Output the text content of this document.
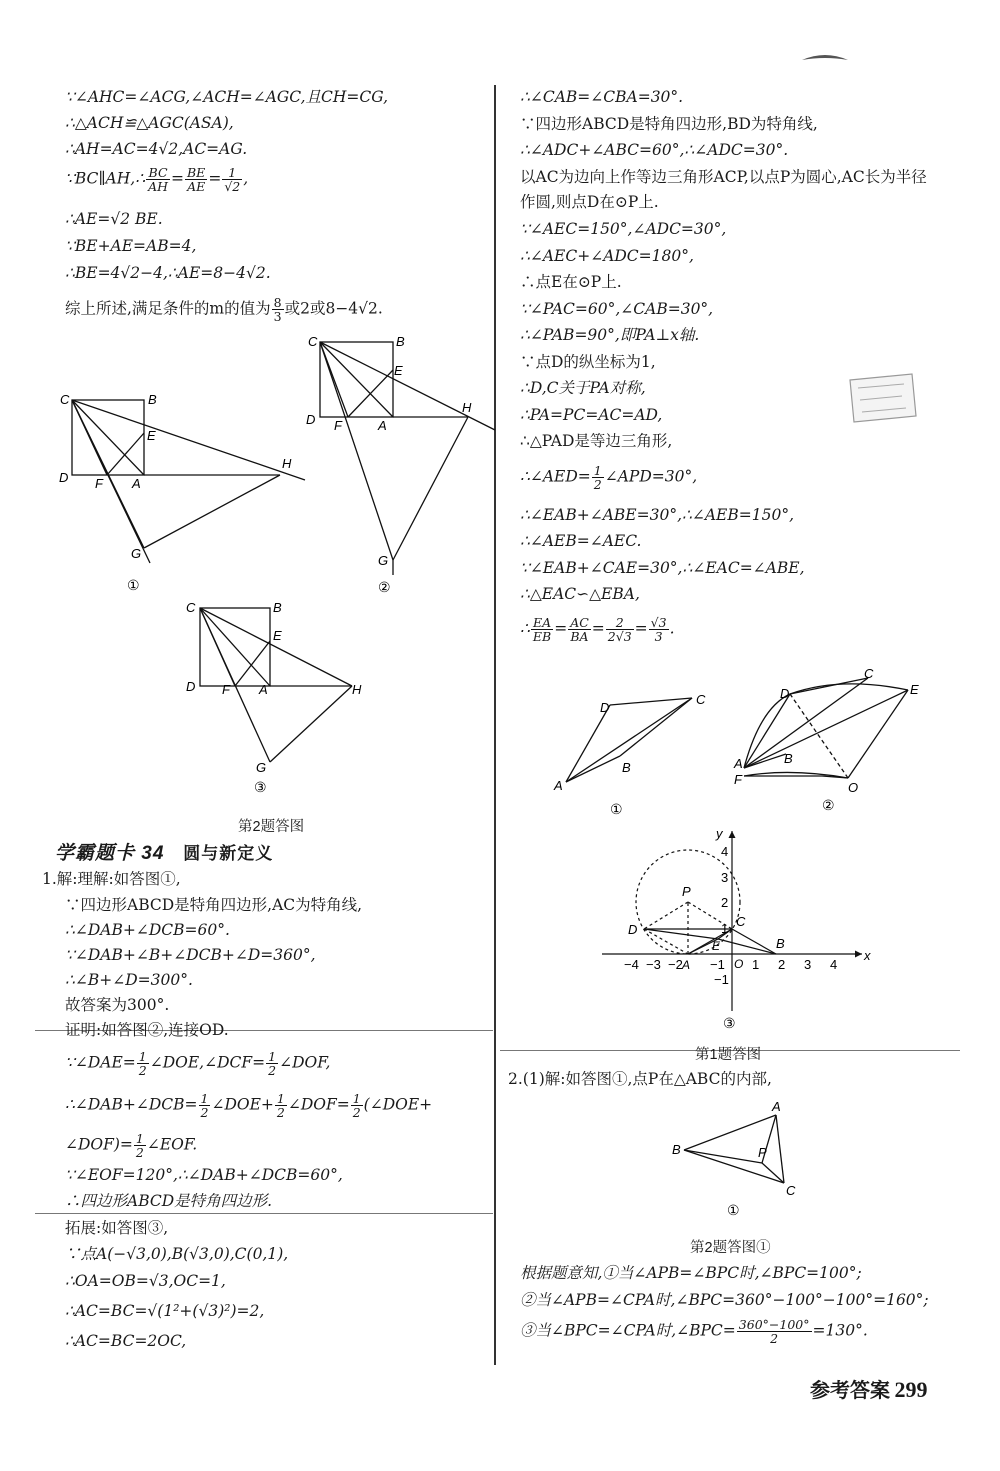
∵∠AHC=∠ACG,∠ACH=∠AGC,且CH=CG,
∴△ACH≌△AGC(ASA),
∴AH=AC=4√2,AC=AG.
∵BC∥AH,∴ $\frac{BC}{AH} = \frac{BE}{AE} = \frac{1}{√2}$ ,
∴AE=√2 BE.
∵BE+AE=AB=4,
∴BE=4√2−4,∴AE=8−4√2.
综上所述,满足条件的m的值为 $\frac{8}{3}$ 或2或8−4√2.
C	B
E
D F A
H
G
①
C	B
E
D F	A
H
G
②
C	B
E
D F A	H
G
③
第2题答图
学霸题卡 34 圆与新定义
1.解:理解:如答图①,
∵四边形ABCD是特角四边形,AC为特角线,
∴∠DAB+∠DCB=60°.
∵∠DAB+∠B+∠DCB+∠D=360°,
∴∠B+∠D=300°.
故答案为300°.
证明:如答图②,连接OD.
∵∠DAE= $\frac{1}{2}$ ∠DOE,∠DCF= $\frac{1}{2}$ ∠DOF,
∴∠DAB+∠DCB= $\frac{1}{2}$ ∠DOE+ $\frac{1}{2}$ ∠DOF= $\frac{1}{2}$ (∠DOE+
∠DOF)= $\frac{1}{2}$ ∠EOF.
∵∠EOF=120°,∴∠DAB+∠DCB=60°,
∴四边形ABCD是特角四边形.
拓展:如答图③,
∵点A(−√3,0),B(√3,0),C(0,1),
∴OA=OB=√3,OC=1,
∴AC=BC=√(1²+(√3)²)=2,
∴AC=BC=2OC,
∴∠CAB=∠CBA=30°.
∵四边形ABCD是特角四边形,BD为特角线,
∴∠ADC+∠ABC=60°,∴∠ADC=30°.
以AC为边向上作等边三角形ACP,以点P为圆心,AC长为半径
作圆,则点D在⊙P上.
∵∠AEC=150°,∠ADC=30°,
∴∠AEC+∠ADC=180°,
∴点E在⊙P上.
∵∠PAC=60°,∠CAB=30°,
∴∠PAB=90°,即PA⊥x轴.
∵点D的纵坐标为1,
∴D,C关于PA对称,
∴PA=PC=AC=AD,
∴△PAD是等边三角形,
∴∠AED= $\frac{1}{2}$ ∠APD=30°,
∴∠EAB+∠ABE=30°,∴∠AEB=150°,
∴∠AEB=∠AEC.
∵∠EAB+∠CAE=30°,∴∠EAC=∠ABE,
∴△EAC∽△EBA,
∴ $\frac{EA}{EB} = \frac{AC}{BA} = \frac{2}{2√3} = \frac{√3}{3}$ .
A
B
C
D
①
D
C
E
A	B
F
O
②
x
y
−4 −3 −2 −1 1 2 3 4
4
3
2
1
−1
O
P
D
C
E	B
A
③
第1题答图
2.(1)解:如答图①,点P在△ABC的内部,
B
A
P
C
①
第2题答图①
根据题意知,①当∠APB=∠BPC时,∠BPC=100°;
②当∠APB=∠CPA时,∠BPC=360°−100°−100°=160°;
③当∠BPC=∠CPA时,∠BPC= $\frac{360^\circ-100^\circ}{2} =130^\circ$.
参考答案 299
